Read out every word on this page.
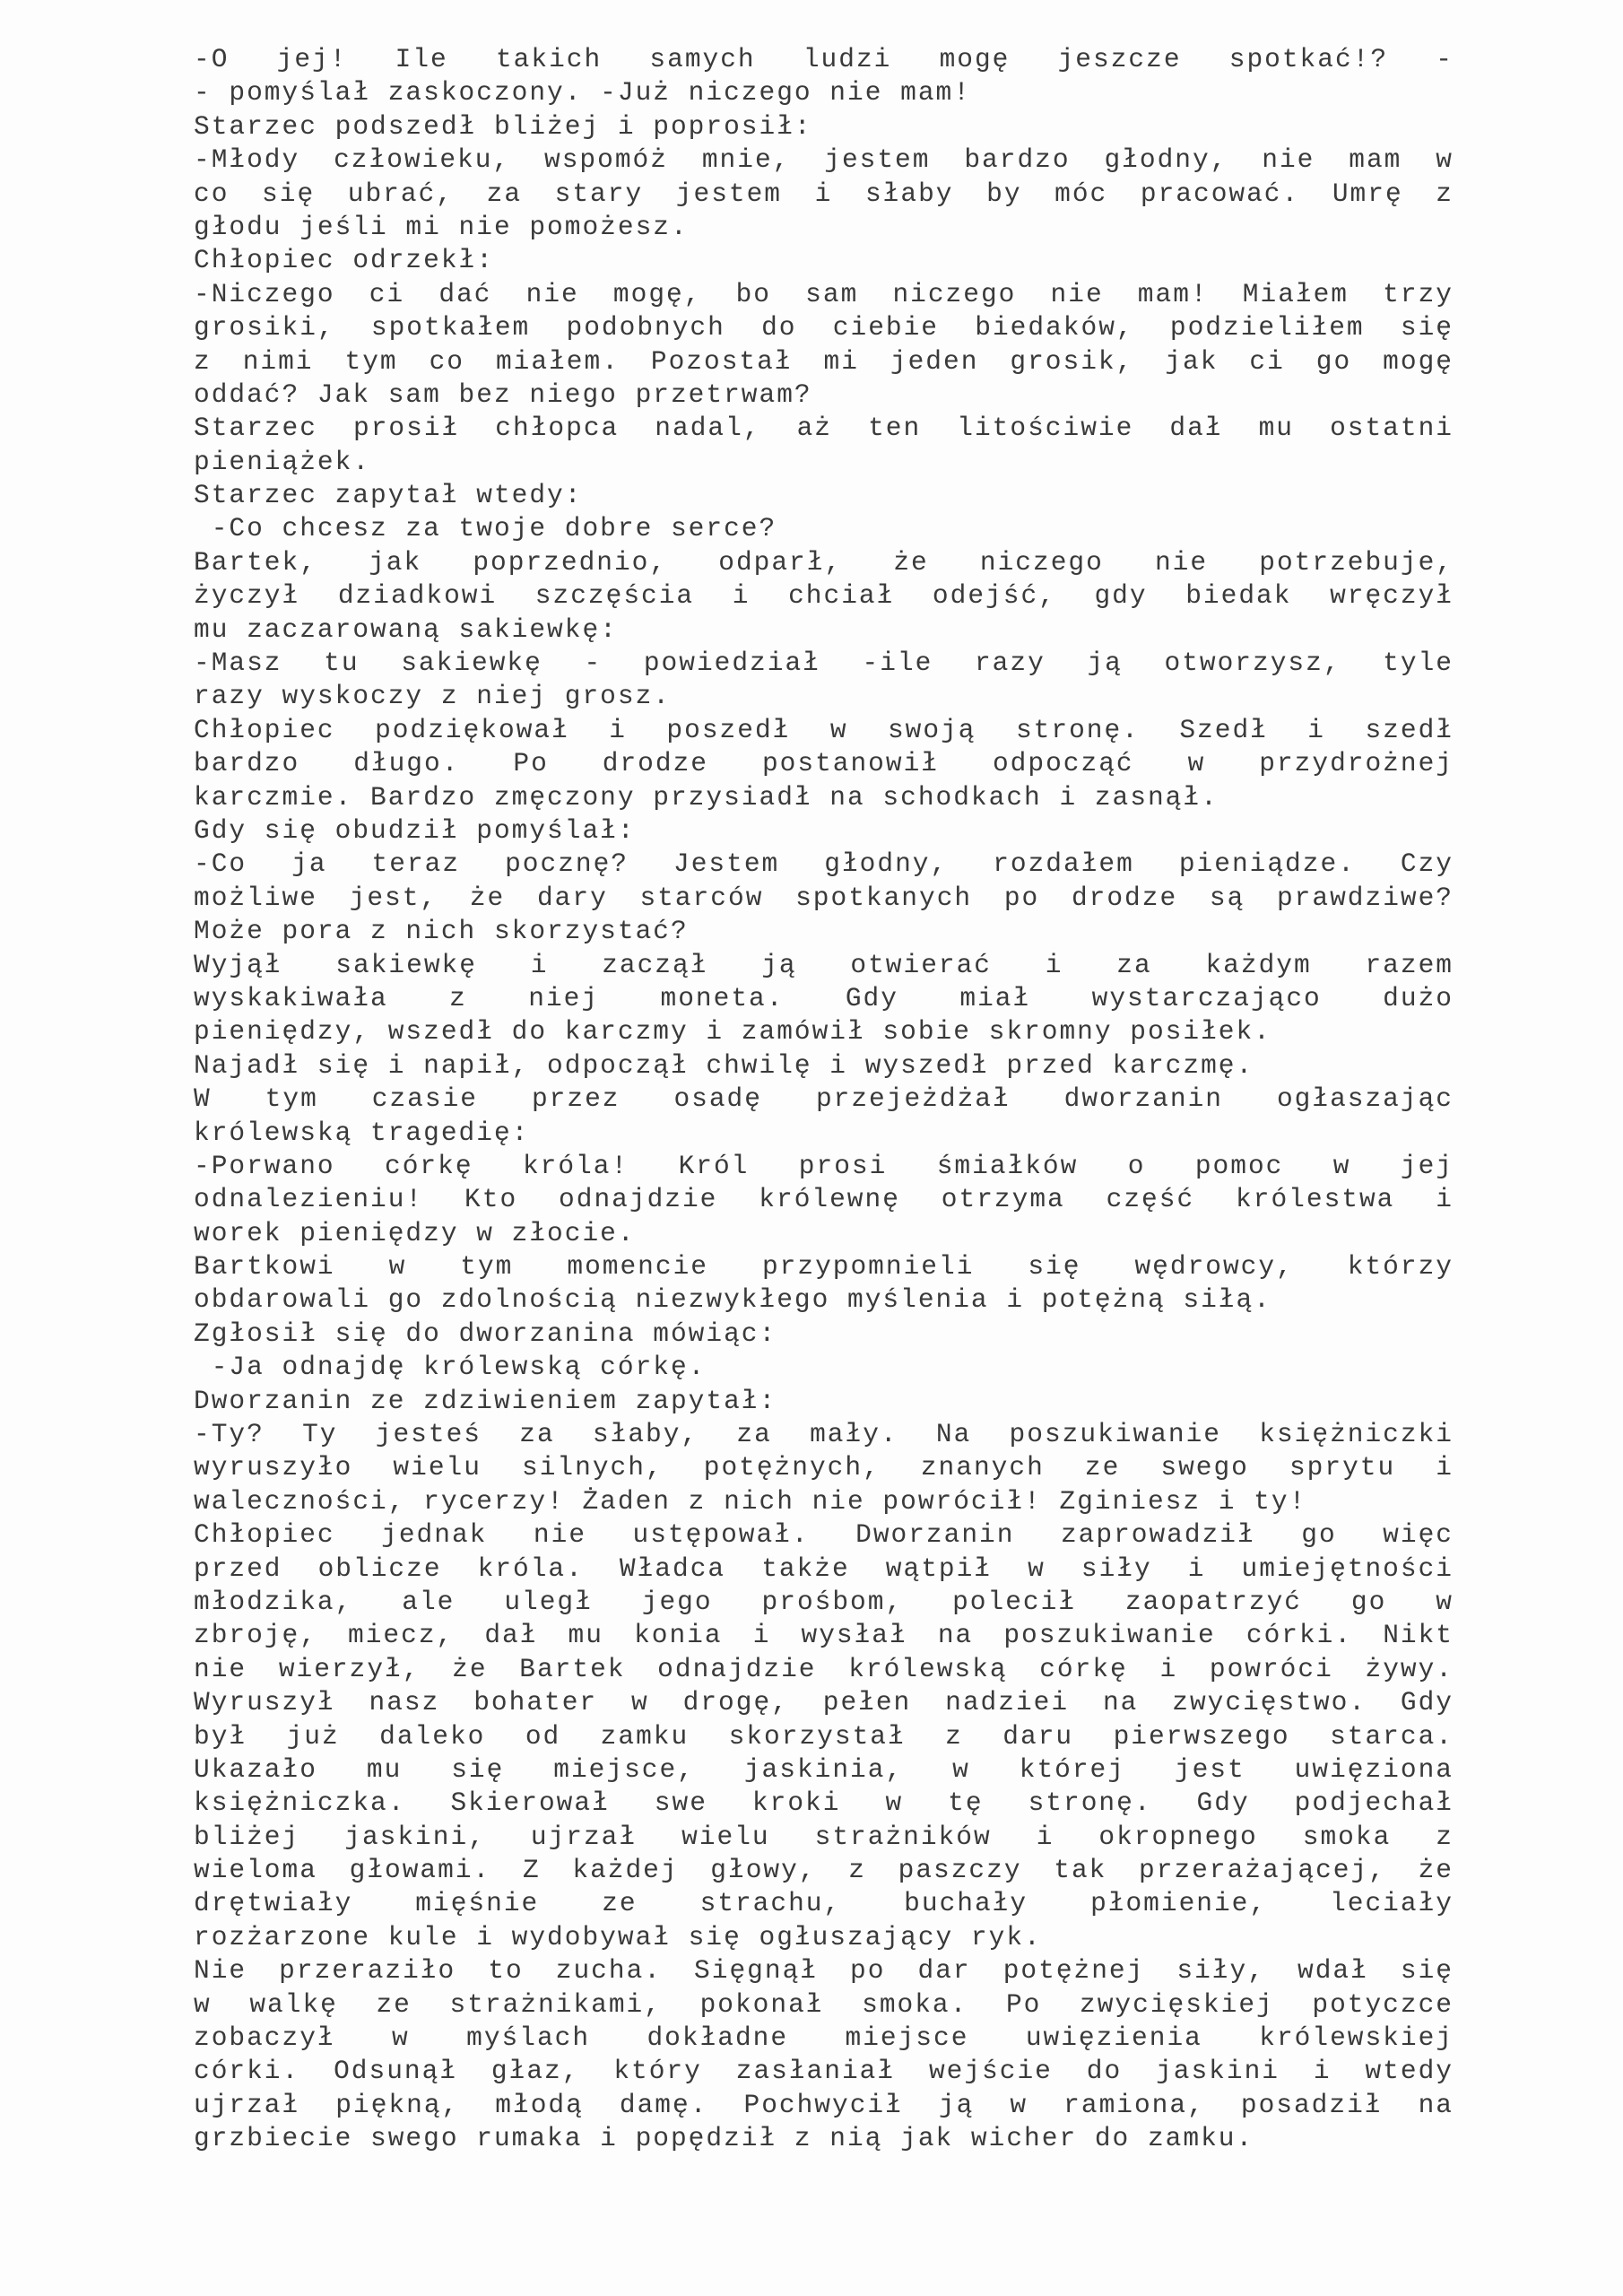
-O jej! Ile takich samych ludzi mogę jeszcze spotkać!? -
- pomyślał zaskoczony. -Już niczego nie mam!
Starzec podszedł bliżej i poprosił:
-Młody człowieku, wspomóż mnie, jestem bardzo głodny, nie mam w
co się ubrać, za stary jestem i słaby by móc pracować. Umrę z
głodu jeśli mi nie pomożesz.
Chłopiec odrzekł:
-Niczego ci dać nie mogę, bo sam niczego nie mam! Miałem trzy
grosiki, spotkałem podobnych do ciebie biedaków, podzieliłem się
z nimi tym co miałem. Pozostał mi jeden grosik, jak ci go mogę
oddać? Jak sam bez niego przetrwam?
Starzec prosił chłopca nadal, aż ten litościwie dał mu ostatni
pieniążek.
Starzec zapytał wtedy:
-Co chcesz za twoje dobre serce?
Bartek, jak poprzednio, odparł, że niczego nie potrzebuje,
życzył dziadkowi szczęścia i chciał odejść, gdy biedak wręczył
mu zaczarowaną sakiewkę:
-Masz tu sakiewkę - powiedział -ile razy ją otworzysz, tyle
razy wyskoczy z niej grosz.
Chłopiec podziękował i poszedł w swoją stronę. Szedł i szedł
bardzo długo. Po drodze postanowił odpocząć w przydrożnej
karczmie. Bardzo zmęczony przysiadł na schodkach i zasnął.
Gdy się obudził pomyślał:
-Co ja teraz pocznę? Jestem głodny, rozdałem pieniądze. Czy
możliwe jest, że dary starców spotkanych po drodze są prawdziwe?
Może pora z nich skorzystać?
Wyjął sakiewkę i zaczął ją otwierać i za każdym razem
wyskakiwała z niej moneta. Gdy miał wystarczająco dużo
pieniędzy, wszedł do karczmy i zamówił sobie skromny posiłek.
Najadł się i napił, odpoczął chwilę i wyszedł przed karczmę.
W tym czasie przez osadę przejeżdżał dworzanin ogłaszając
królewską tragedię:
-Porwano córkę króla! Król prosi śmiałków o pomoc w jej
odnalezieniu! Kto odnajdzie królewnę otrzyma część królestwa i
worek pieniędzy w złocie.
Bartkowi w tym momencie przypomnieli się wędrowcy, którzy
obdarowali go zdolnością niezwykłego myślenia i potężną siłą.
Zgłosił się do dworzanina mówiąc:
-Ja odnajdę królewską córkę.
Dworzanin ze zdziwieniem zapytał:
-Ty? Ty jesteś za słaby, za mały. Na poszukiwanie księżniczki
wyruszyło wielu silnych, potężnych, znanych ze swego sprytu i
waleczności, rycerzy! Żaden z nich nie powrócił! Zginiesz i ty!
Chłopiec jednak nie ustępował. Dworzanin zaprowadził go więc
przed oblicze króla. Władca także wątpił w siły i umiejętności
młodzika, ale uległ jego prośbom, polecił zaopatrzyć go w
zbroję, miecz, dał mu konia i wysłał na poszukiwanie córki. Nikt
nie wierzył, że Bartek odnajdzie królewską córkę i powróci żywy.
Wyruszył nasz bohater w drogę, pełen nadziei na zwycięstwo. Gdy
był już daleko od zamku skorzystał z daru pierwszego starca.
Ukazało mu się miejsce, jaskinia, w której jest uwięziona
księżniczka. Skierował swe kroki w tę stronę. Gdy podjechał
bliżej jaskini, ujrzał wielu strażników i okropnego smoka z
wieloma głowami. Z każdej głowy, z paszczy tak przerażającej, że
drętwiały mięśnie ze strachu, buchały płomienie, leciały
rozżarzone kule i wydobywał się ogłuszający ryk.
Nie przeraziło to zucha. Sięgnął po dar potężnej siły, wdał się
w walkę ze strażnikami, pokonał smoka. Po zwycięskiej potyczce
zobaczył w myślach dokładne miejsce uwięzienia królewskiej
córki. Odsunął głaz, który zasłaniał wejście do jaskini i wtedy
ujrzał piękną, młodą damę. Pochwycił ją w ramiona, posadził na
grzbiecie swego rumaka i popędził z nią jak wicher do zamku.
